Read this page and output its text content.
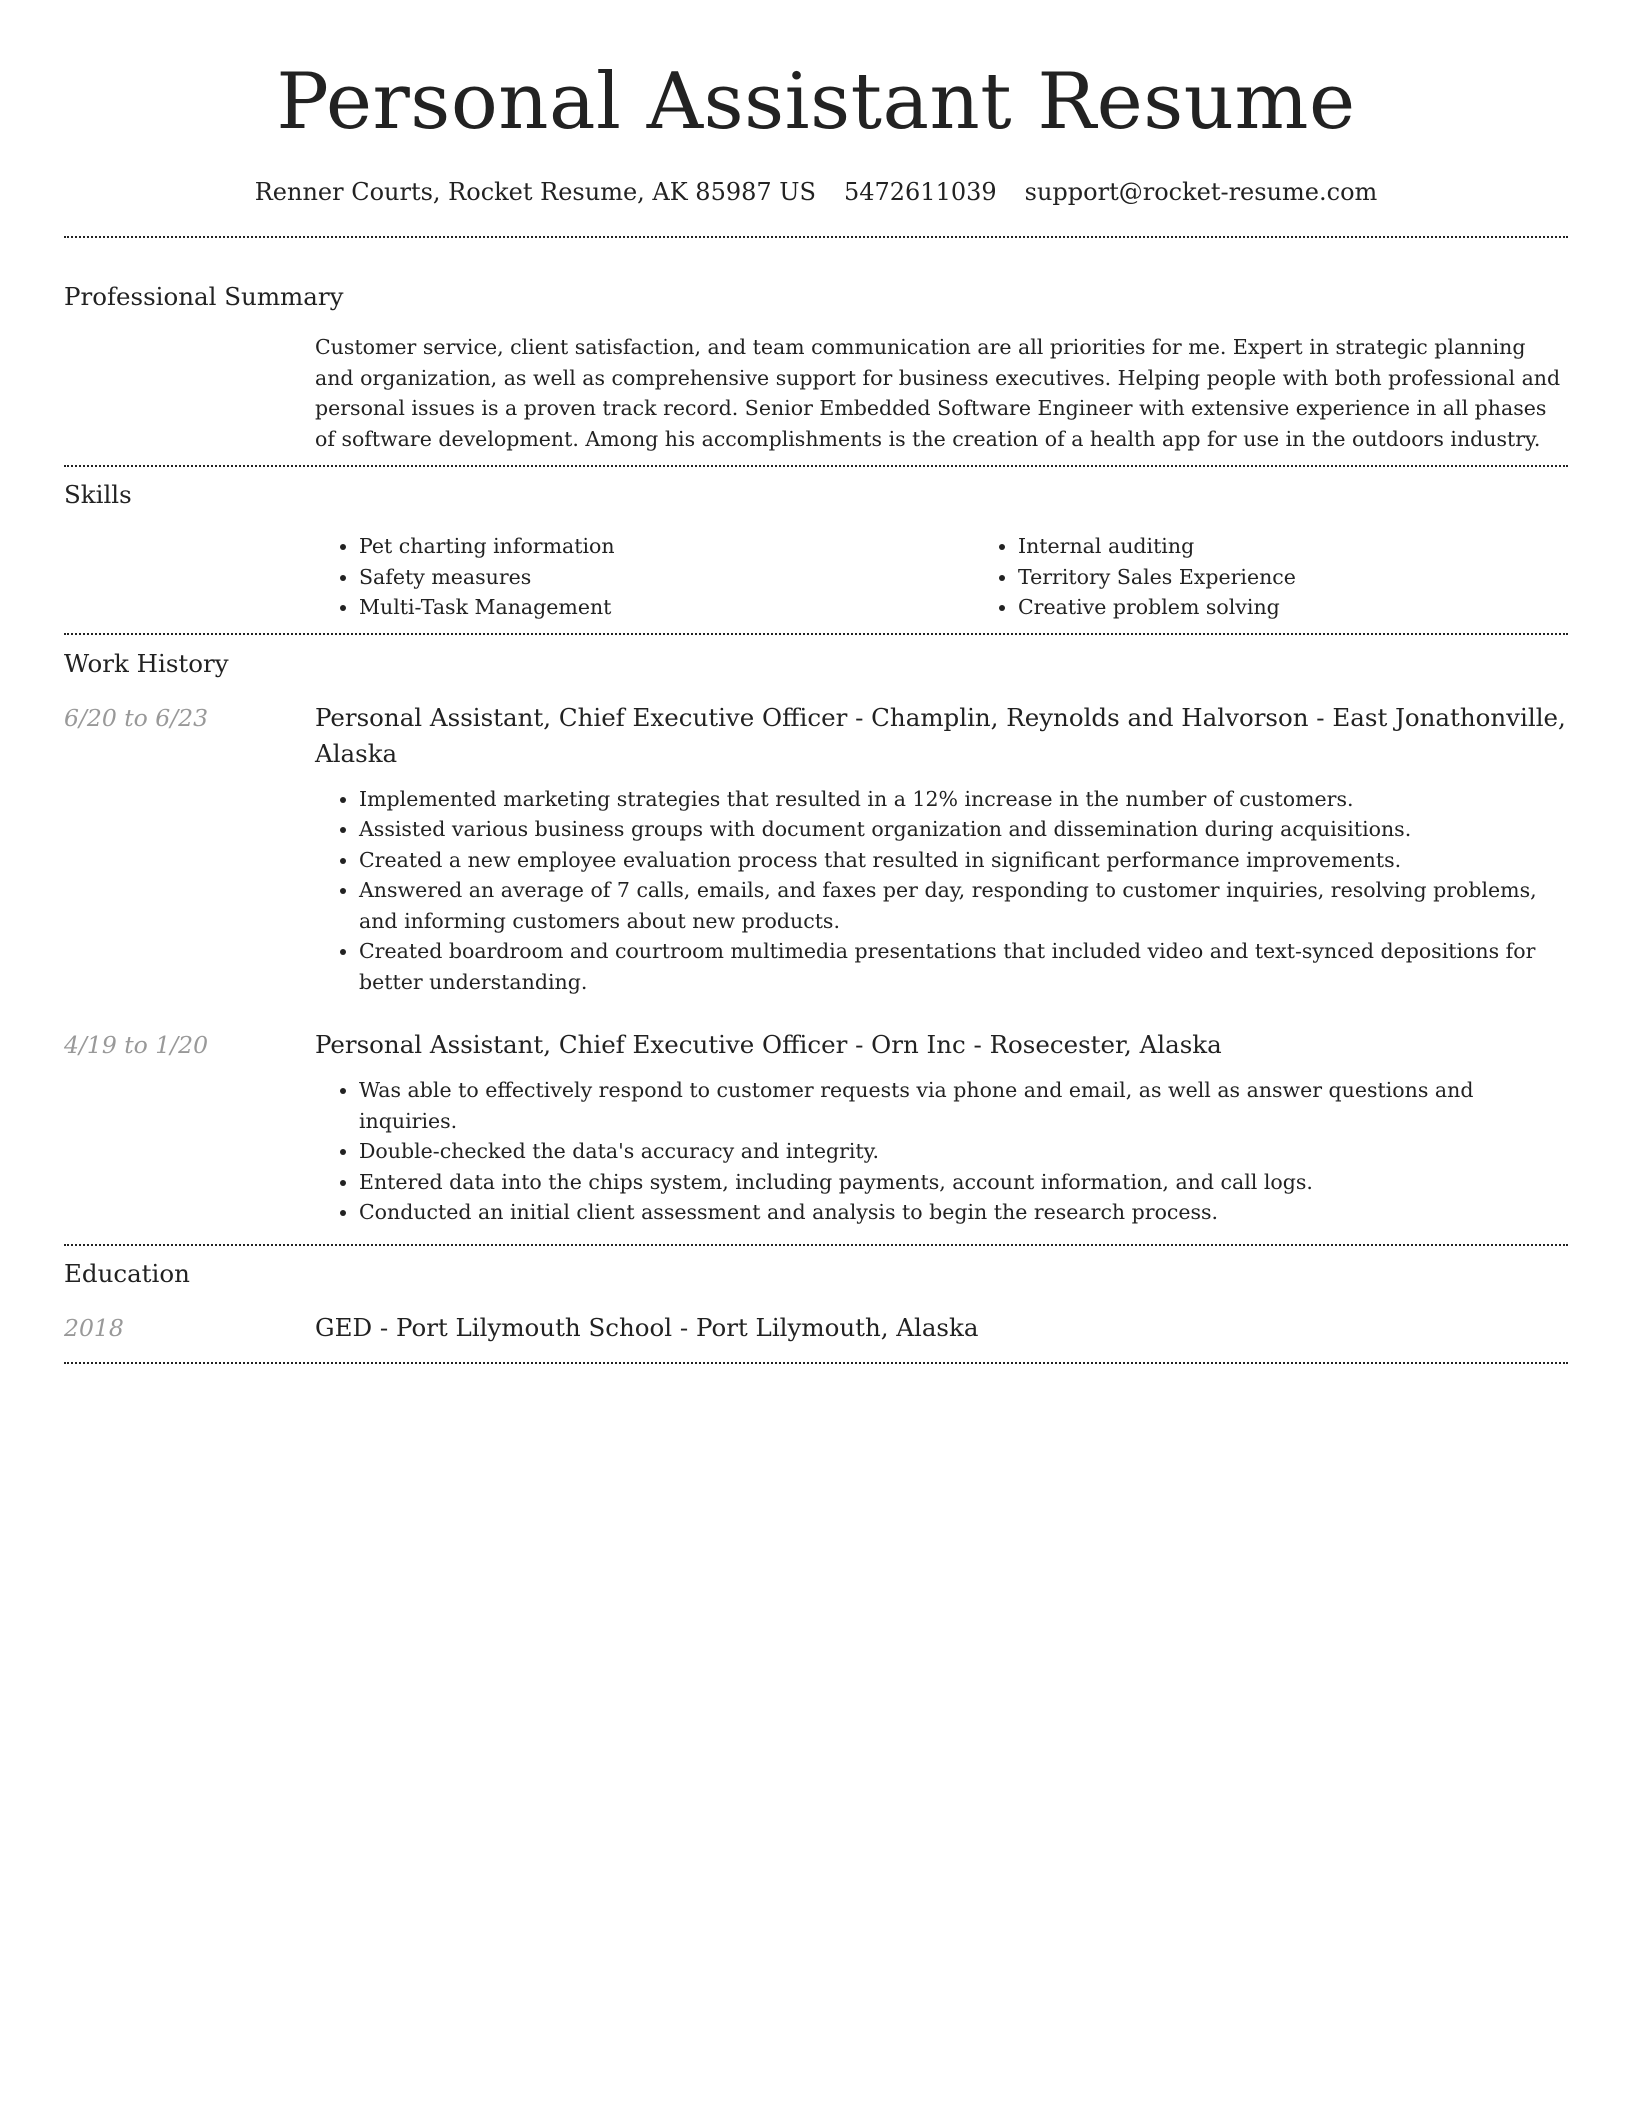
Personal Assistant Resume
Renner Courts, Rocket Resume, AK 85987 US 5472611039 support@rocket-resume.com
Professional Summary

Customer service, client satisfaction, and team communication are all priorities for me. Expert in strategic planning and organization, as well as comprehensive support for business executives. Helping people with both professional and personal issues is a proven track record. Senior Embedded Software Engineer with extensive experience in all phases of software development. Among his accomplishments is the creation of a health app for use in the outdoors industry.

Skills
• Pet charting information
• Safety measures
• Multi-Task Management
• Internal auditing
• Territory Sales Experience
• Creative problem solving
Work History
6/20 to 6/23	Personal Assistant, Chief Executive Officer - Champlin, Reynolds and Halvorson - East Jonathonville, Alaska

• Implemented marketing strategies that resulted in a 12% increase in the number of customers.
• Assisted various business groups with document organization and dissemination during acquisitions.
• Created a new employee evaluation process that resulted in significant performance improvements.
• Answered an average of 7 calls, emails, and faxes per day, responding to customer inquiries, resolving problems, and informing customers about new products.
• Created boardroom and courtroom multimedia presentations that included video and text-synced depositions for better understanding.
4/19 to 1/20	Personal Assistant, Chief Executive Officer - Orn Inc - Rosecester, Alaska

• Was able to effectively respond to customer requests via phone and email, as well as answer questions and inquiries.
• Double-checked the data's accuracy and integrity.
• Entered data into the chips system, including payments, account information, and call logs.
• Conducted an initial client assessment and analysis to begin the research process.
Education
2018	GED - Port Lilymouth School - Port Lilymouth, Alaska
